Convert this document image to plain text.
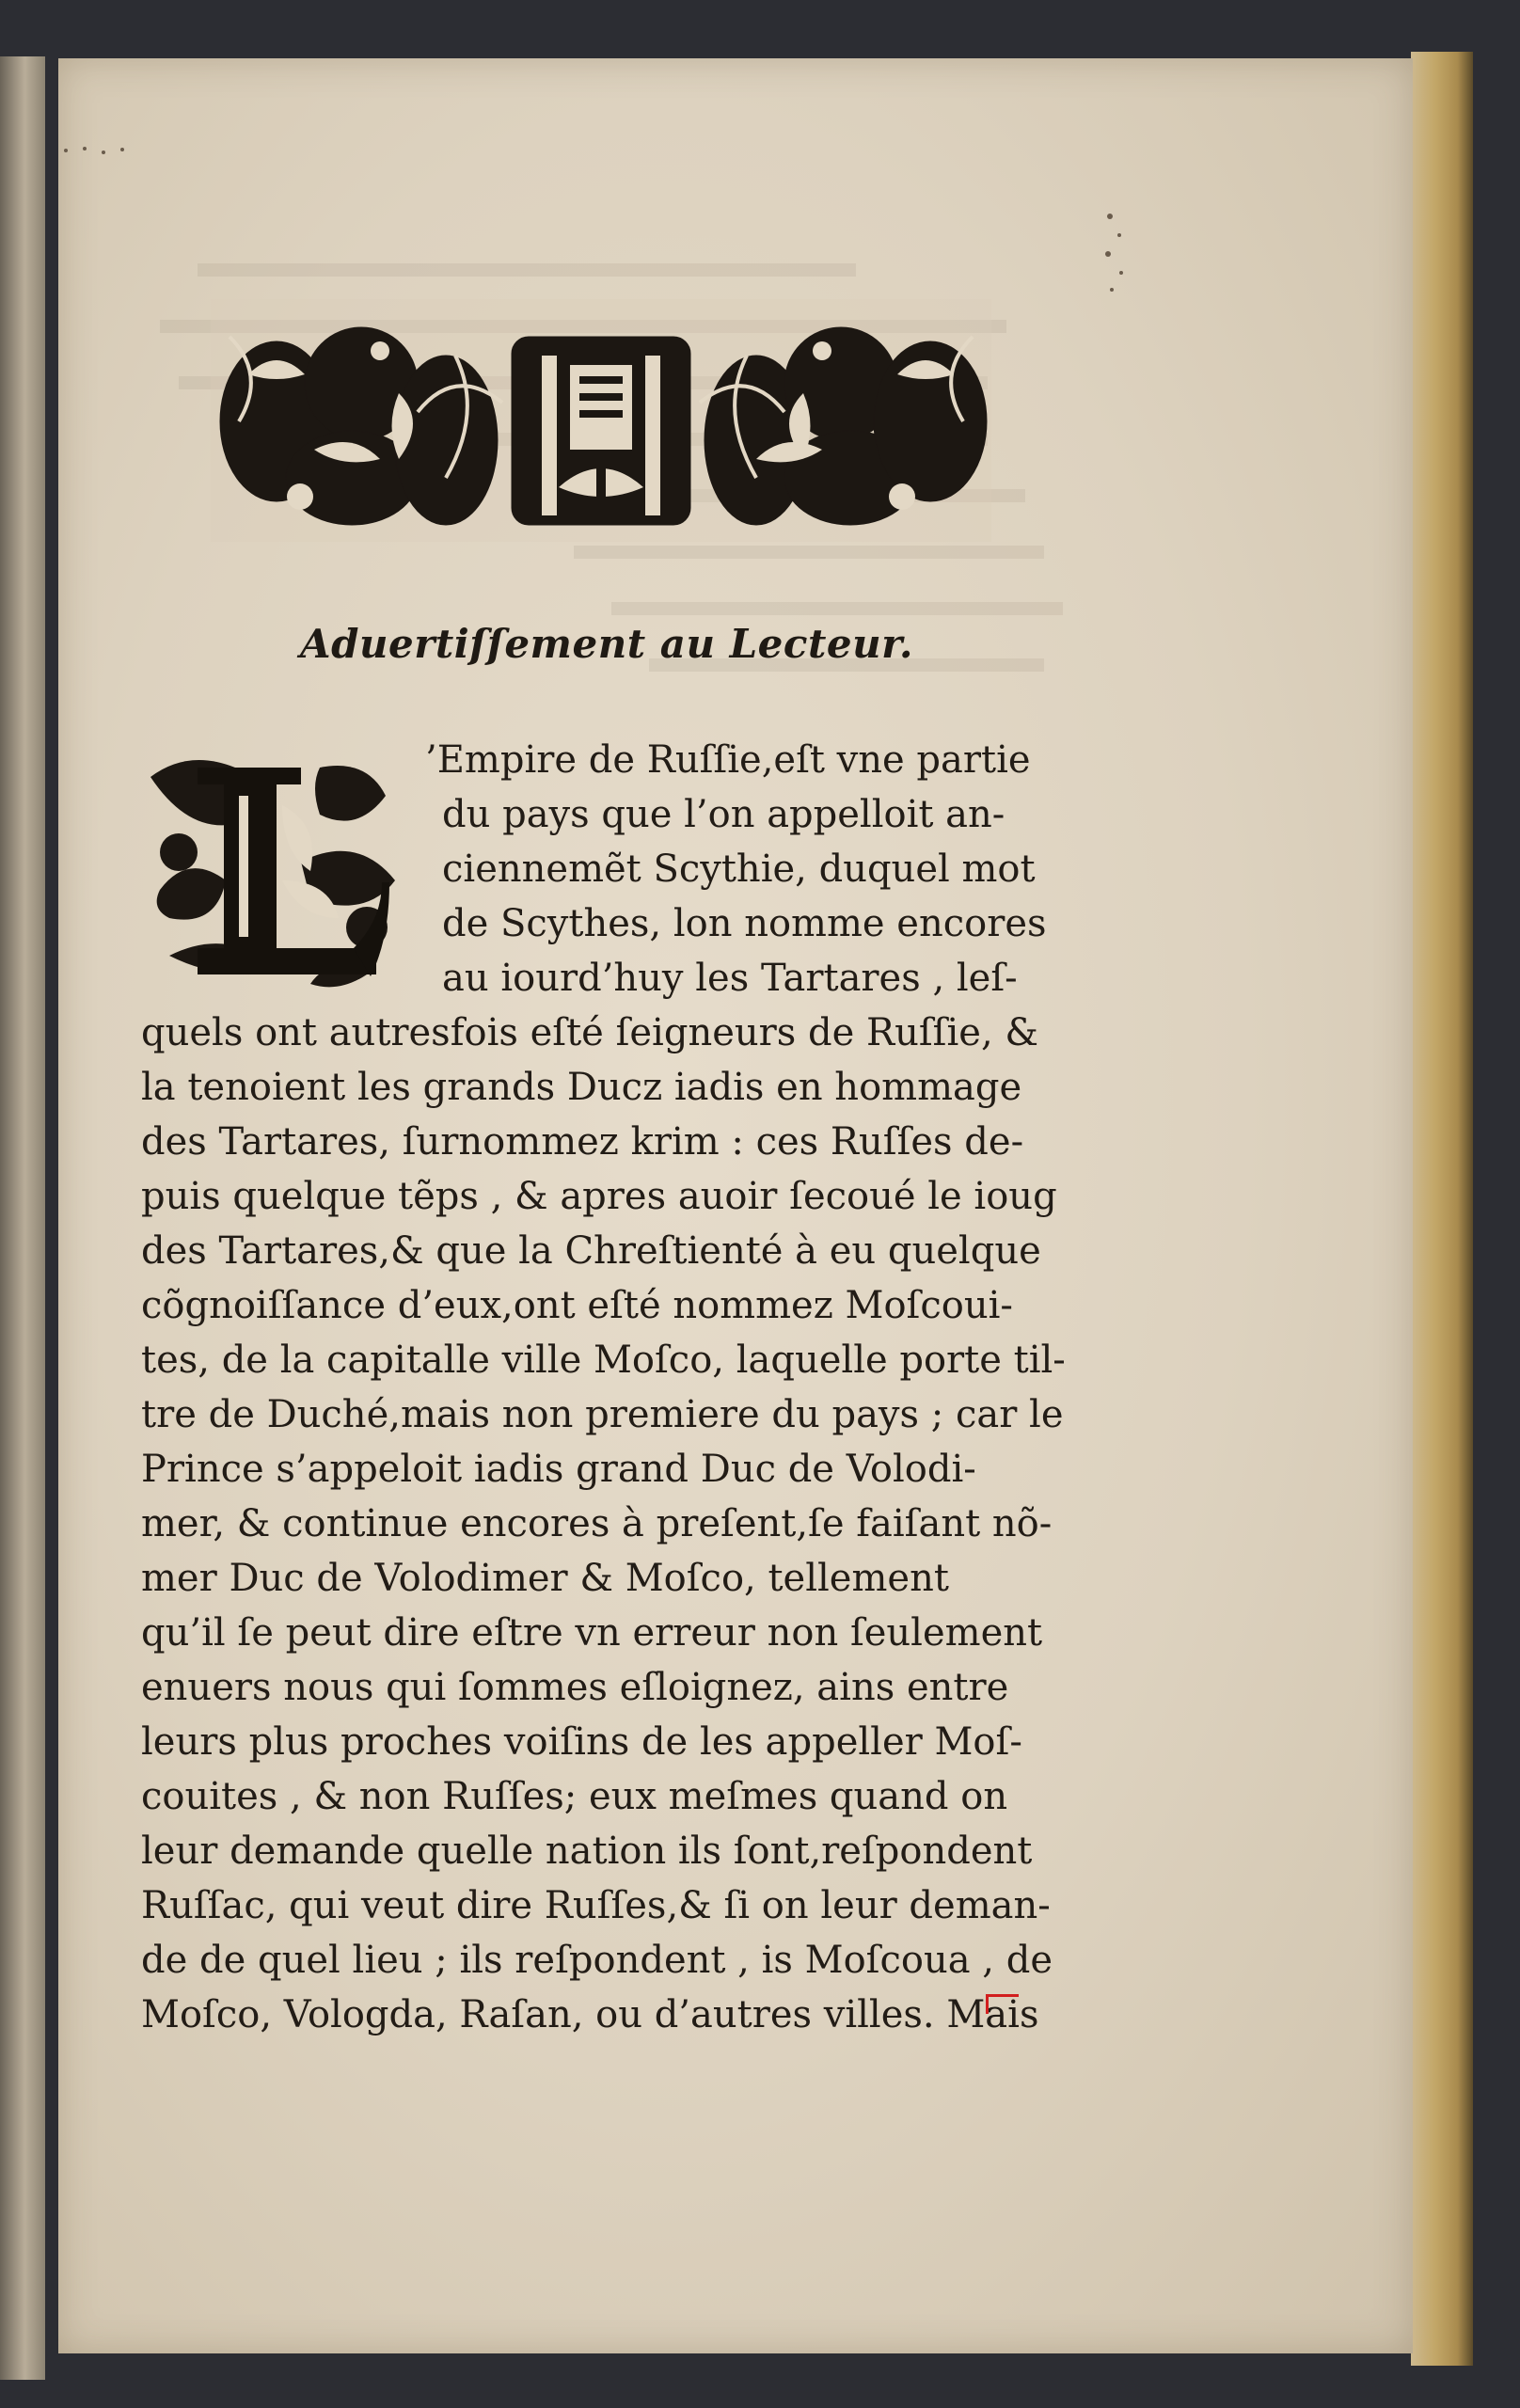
Aduertiſſement au Lecteur.
L	’Empire de Ruſſie,eſt vne partie

du pays que l’on appelloit an-

ciennemẽt Scythie, duquel mot

de Scythes, lon nomme encores

au iourd’huy les Tartares , leſ-

quels ont autresfois eſté ſeigneurs de Ruſſie, &

la tenoient les grands Ducz iadis en hommage

des Tartares, ſurnommez krim : ces Ruſſes de-

puis quelque tẽps , & apres auoir ſecoué le ioug

des Tartares,& que la Chreſtienté à eu quelque

cõgnoiſſance d’eux,ont eſté nommez Moſcoui-

tes, de la capitalle ville Moſco, laquelle porte til-

tre de Duché,mais non premiere du pays ; car le

Prince s’appeloit iadis grand Duc de Volodi-

mer, & continue encores à preſent,ſe faiſant nõ-

mer Duc de Volodimer & Moſco, tellement

qu’il ſe peut dire eſtre vn erreur non ſeulement

enuers nous qui ſommes eſloignez, ains entre

leurs plus proches voiſins de les appeller Moſ-

couites , & non Ruſſes; eux meſmes quand on

leur demande quelle nation ils ſont,reſpondent

Ruſſac, qui veut dire Ruſſes,& ſi on leur deman-

de de quel lieu ; ils reſpondent , is Moſcoua , de

Moſco, Vologda, Raſan, ou d’autres villes. Mais
